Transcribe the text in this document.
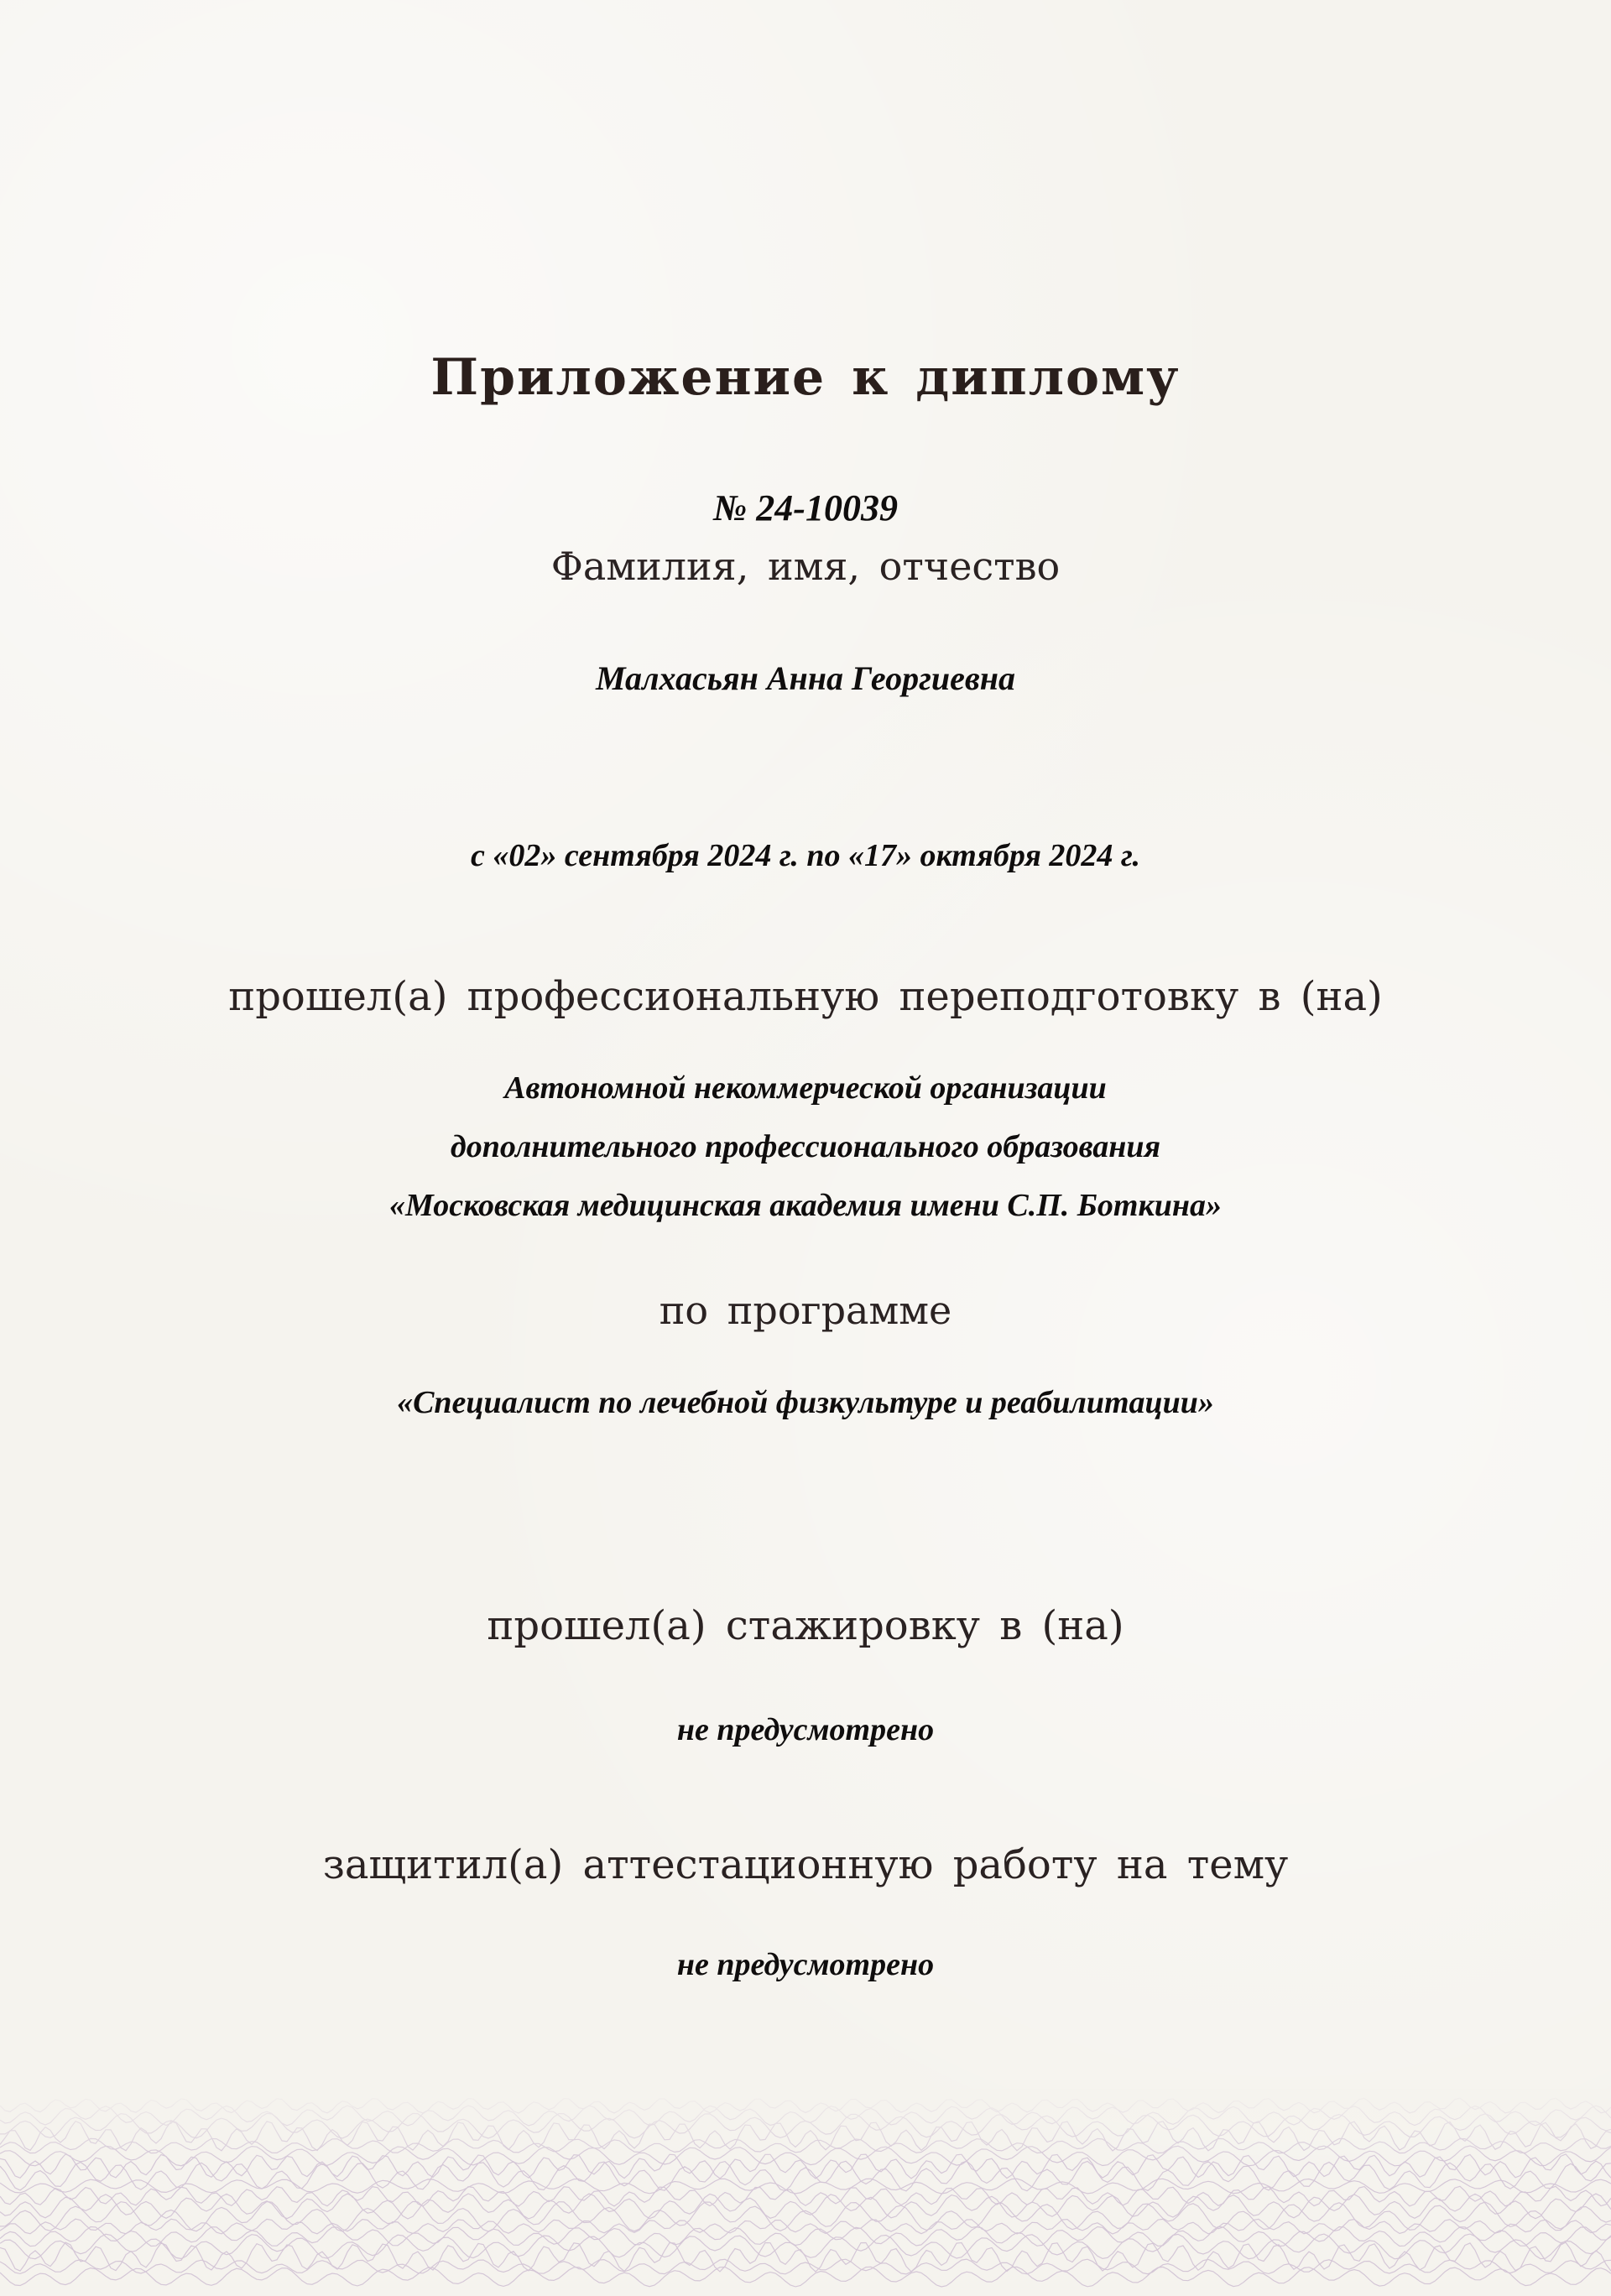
Приложение к диплому
№ 24-10039
Фамилия, имя, отчество
Малхасьян Анна Георгиевна
с «02» сентября 2024 г. по «17» октября 2024 г.
прошел(а) профессиональную переподготовку в (на)
Автономной некоммерческой организации
дополнительного профессионального образования
«Московская медицинская академия имени С.П. Боткина»
по программе
«Специалист по лечебной физкультуре и реабилитации»
прошел(а) стажировку в (на)
не предусмотрено
защитил(а) аттестационную работу на тему
не предусмотрено
